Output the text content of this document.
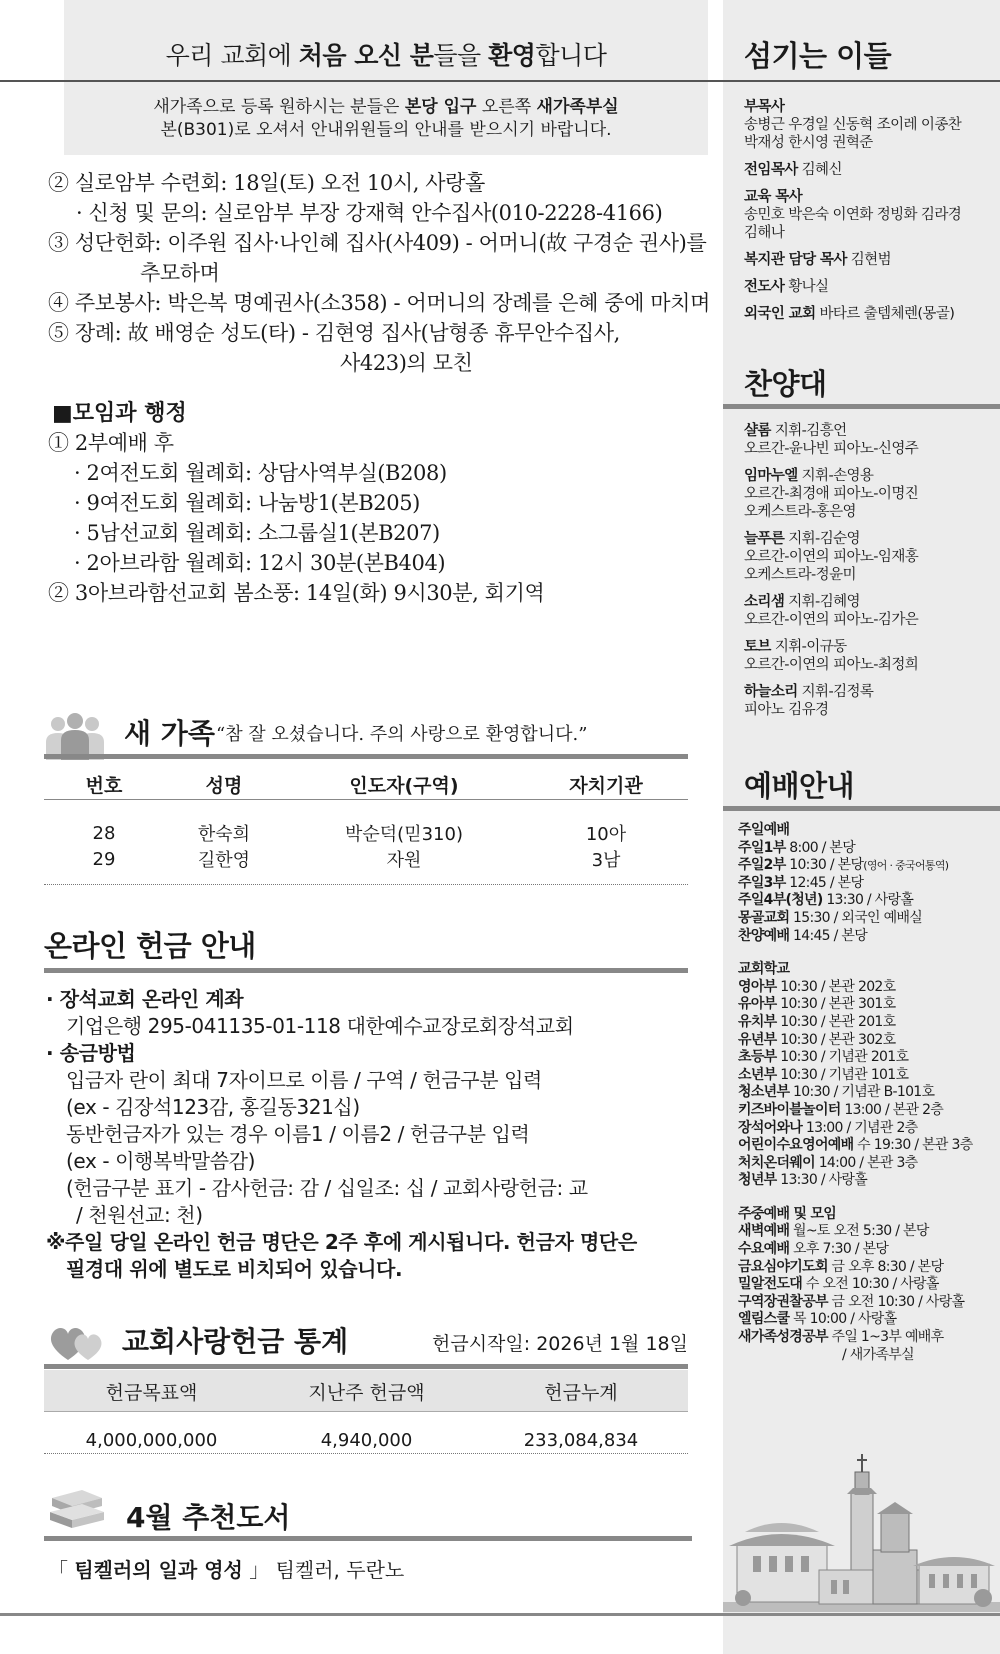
우리 교회에 처음 오신 분들을 환영합니다
새가족으로 등록 원하시는 분들은 본당 입구 오른쪽 새가족부실
본(B301)로 오셔서 안내위원들의 안내를 받으시기 바랍니다.
② 실로암부 수련회: 18일(토) 오전 10시, 사랑홀
· 신청 및 문의: 실로암부 부장 강재혁 안수집사(010-2228-4166)
③ 성단헌화: 이주원 집사·나인혜 집사(사409) - 어머니(故 구경순 권사)를
추모하며
④ 주보봉사: 박은복 명예권사(소358) - 어머니의 장례를 은혜 중에 마치며
⑤ 장례: 故 배영순 성도(타) - 김현영 집사(남형종 휴무안수집사,
사423)의 모친
■모임과 행정
① 2부예배 후
· 2여전도회 월례회: 상담사역부실(B208)
· 9여전도회 월례회: 나눔방1(본B205)
· 5남선교회 월례회: 소그룹실1(본B207)
· 2아브라함 월례회: 12시 30분(본B404)
② 3아브라함선교회 봄소풍: 14일(화) 9시30분, 회기역
새 가족 “참 잘 오셨습니다. 주의 사랑으로 환영합니다.”
번호	성명	인도자(구역)	자치기관

28	한숙희	박순덕(믿310)	10아
29	길한영	자원	3남
온라인 헌금 안내
· 장석교회 온라인 계좌
기업은행 295-041135-01-118 대한예수교장로회장석교회
· 송금방법
입금자 란이 최대 7자이므로 이름 / 구역 / 헌금구분 입력
(ex - 김장석123감, 홍길동321십)
동반헌금자가 있는 경우 이름1 / 이름2 / 헌금구분 입력
(ex - 이행복박말씀감)
(헌금구분 표기 - 감사헌금: 감 / 십일조: 십 / 교회사랑헌금: 교
/ 천원선교: 천)
※주일 당일 온라인 헌금 명단은 2주 후에 게시됩니다. 헌금자 명단은
필경대 위에 별도로 비치되어 있습니다.
교회사랑헌금 통계	헌금시작일: 2026년 1월 18일
헌금목표액	지난주 헌금액	헌금누계
4,000,000,000	4,940,000	233,084,834
4월 추천도서
「 팀켈러의 일과 영성 」 팀켈러, 두란노
섬기는 이들
부목사
송병근 우경일 신동혁 조이레 이종찬
박재성 한시영 권혁준
전임목사 김혜신
교육 목사
송민호 박은숙 이연화 정빙화 김라경
김해나
복지관 담당 목사 김현범
전도사 황나실
외국인 교회 바타르 출템체렌(몽골)
찬양대
샬롬 지휘-김흥언
오르간-윤나빈 피아노-신영주
임마누엘 지휘-손영용
오르간-최경애 피아노-이명진
오케스트라-홍은영
늘푸른 지휘-김순영
오르간-이연의 피아노-임재홍
오케스트라-정윤미
소리샘 지휘-김혜영
오르간-이연의 피아노-김가은
토브 지휘-이규동
오르간-이연의 피아노-최정희
하늘소리 지휘-김정록
피아노 김유경
예배안내
주일예배
주일1부 8:00 / 본당
주일2부 10:30 / 본당(영어 · 중국어통역)
주일3부 12:45 / 본당
주일4부(청년) 13:30 / 사랑홀
몽골교회 15:30 / 외국인 예배실
찬양예배 14:45 / 본당
교회학교
영아부 10:30 / 본관 202호
유아부 10:30 / 본관 301호
유치부 10:30 / 본관 201호
유년부 10:30 / 본관 302호
초등부 10:30 / 기념관 201호
소년부 10:30 / 기념관 101호
청소년부 10:30 / 기념관 B-101호
키즈바이블놀이터 13:00 / 본관 2층
장석어와나 13:00 / 기념관 2층
어린이수요영어예배 수 19:30 / 본관 3층
처치온더웨이 14:00 / 본관 3층
청년부 13:30 / 사랑홀
주중예배 및 모임
새벽예배 월~토 오전 5:30 / 본당
수요예배 오후 7:30 / 본당
금요심야기도회 금 오후 8:30 / 본당
밀알전도대 수 오전 10:30 / 사랑홀
구역장권찰공부 금 오전 10:30 / 사랑홀
엘림스쿨 목 10:00 / 사랑홀
새가족성경공부 주일 1~3부 예배후
/ 새가족부실
